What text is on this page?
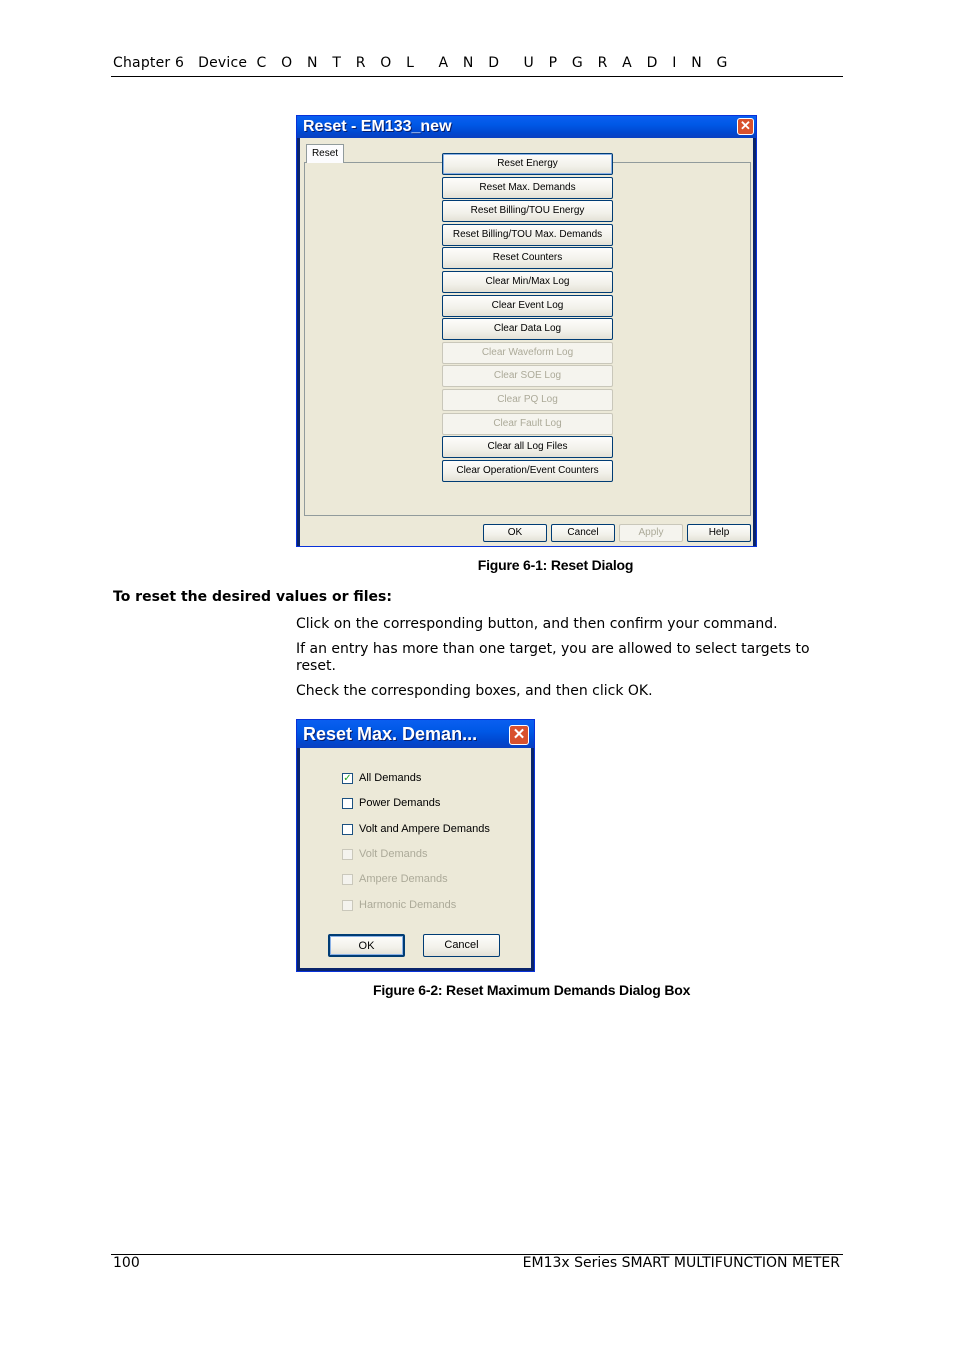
Chapter 6 Device C O N T R O L  A N D  U P G R A D I N G
Reset - EM133_new	✕
Reset
Reset Energy
Reset Max. Demands
Reset Billing/TOU Energy
Reset Billing/TOU Max. Demands
Reset Counters
Clear Min/Max Log
Clear Event Log
Clear Data Log
Clear Waveform Log
Clear SOE Log
Clear PQ Log
Clear Fault Log
Clear all Log Files
Clear Operation/Event Counters
OK	Cancel	Apply	Help
Figure 6-1: Reset Dialog
To reset the desired values or files:
Click on the corresponding button, and then confirm your command.
If an entry has more than one target, you are allowed to select targets to reset.
Check the corresponding boxes, and then click OK.
Reset Max. Deman... ✕
✓ All Demands
Power Demands
Volt and Ampere Demands
Volt Demands
Ampere Demands
Harmonic Demands
OK	Cancel
Figure 6-2: Reset Maximum Demands Dialog Box
100	EM13x Series SMART MULTIFUNCTION METER
